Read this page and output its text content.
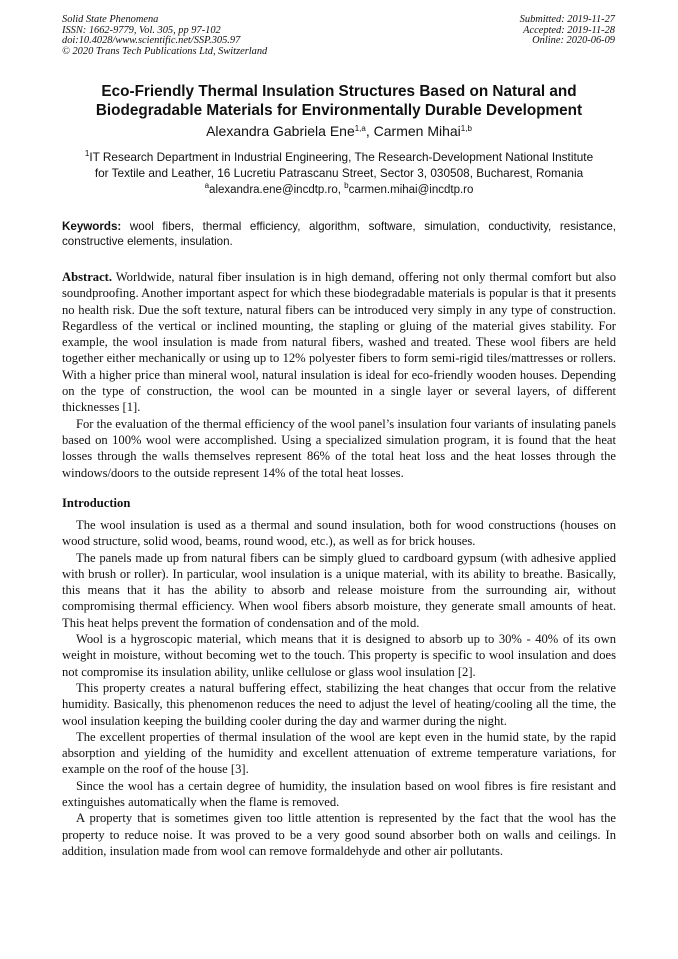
Solid State Phenomena
ISSN: 1662-9779, Vol. 305, pp 97-102
doi:10.4028/www.scientific.net/SSP.305.97
© 2020 Trans Tech Publications Ltd, Switzerland
Submitted: 2019-11-27
Accepted: 2019-11-28
Online: 2020-06-09
Eco-Friendly Thermal Insulation Structures Based on Natural and
Biodegradable Materials for Environmentally Durable Development
Alexandra Gabriela Ene$^{1,a}$, Carmen Mihai$^{1,b}$
$^1$IT Research Department in Industrial Engineering, The Research-Development National Institute
for Textile and Leather, 16 Lucretiu Patrascanu Street, Sector 3, 030508, Bucharest, Romania
$^a$alexandra.ene@incdtp.ro, $^b$carmen.mihai@incdtp.ro
Keywords: wool fibers, thermal efficiency, algorithm, software, simulation, conductivity, resistance, constructive elements, insulation.

Abstract. Worldwide, natural fiber insulation is in high demand, offering not only thermal comfort but also soundproofing. Another important aspect for which these biodegradable materials is popular is that it presents no health risk. Due the soft texture, natural fibers can be introduced very simply in any type of construction. Regardless of the vertical or inclined mounting, the stapling or gluing of the material gives stability. For example, the wool insulation is made from natural fibers, washed and treated. These wool fibers are held together either mechanically or using up to 12% polyester fibers to form semi-rigid tiles/mattresses or rollers. With a higher price than mineral wool, natural insulation is ideal for eco-friendly wooden houses. Depending on the type of construction, the wool can be mounted in a single layer or several layers, of different thicknesses [1].

For the evaluation of the thermal efficiency of the wool panel’s insulation four variants of insulating panels based on 100% wool were accomplished. Using a specialized simulation program, it is found that the heat losses through the walls themselves represent 86% of the total heat loss and the heat losses through the windows/doors to the outside represent 14% of the total heat losses.

Introduction

The wool insulation is used as a thermal and sound insulation, both for wood constructions (houses on wood structure, solid wood, beams, round wood, etc.), as well as for brick houses.

The panels made up from natural fibers can be simply glued to cardboard gypsum (with adhesive applied with brush or roller). In particular, wool insulation is a unique material, with its ability to breathe. Basically, this means that it has the ability to absorb and release moisture from the surrounding air, without compromising thermal efficiency. When wool fibers absorb moisture, they generate small amounts of heat. This heat helps prevent the formation of condensation and of the mold.

Wool is a hygroscopic material, which means that it is designed to absorb up to 30% - 40% of its own weight in moisture, without becoming wet to the touch. This property is specific to wool insulation and does not compromise its insulation ability, unlike cellulose or glass wool insulation [2].

This property creates a natural buffering effect, stabilizing the heat changes that occur from the relative humidity. Basically, this phenomenon reduces the need to adjust the level of heating/cooling all the time, the wool insulation keeping the building cooler during the day and warmer during the night.

The excellent properties of thermal insulation of the wool are kept even in the humid state, by the rapid absorption and yielding of the humidity and excellent attenuation of extreme temperature variations, for example on the roof of the house [3].

Since the wool has a certain degree of humidity, the insulation based on wool fibres is fire resistant and extinguishes automatically when the flame is removed.

A property that is sometimes given too little attention is represented by the fact that the wool has the property to reduce noise. It was proved to be a very good sound absorber both on walls and ceilings. In addition, insulation made from wool can remove formaldehyde and other air pollutants.
